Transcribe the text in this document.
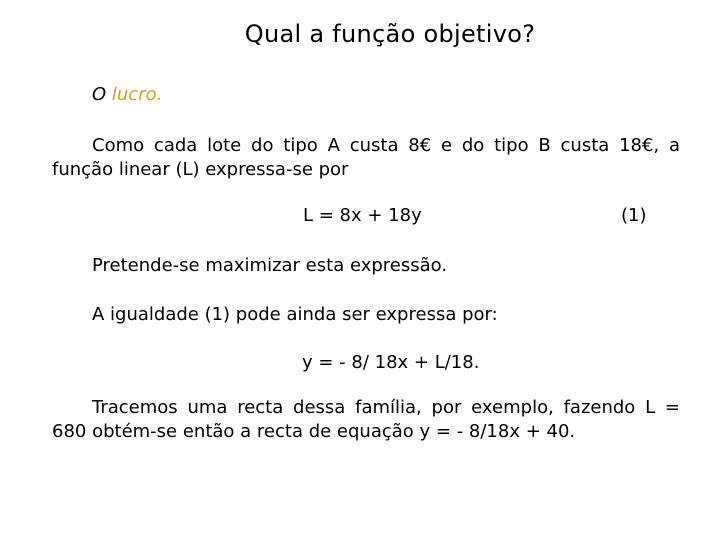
Qual a função objetivo?

O lucro.

Como cada lote do tipo A custa 8€ e do tipo B custa 18€, a

função linear (L) expressa-se por

L = 8x + 18y	(1)

Pretende-se maximizar esta expressão.

A igualdade (1) pode ainda ser expressa por:

y = - 8/ 18x + L/18.

Tracemos uma recta dessa família, por exemplo, fazendo L =

680 obtém-se então a recta de equação y = - 8/18x + 40.
